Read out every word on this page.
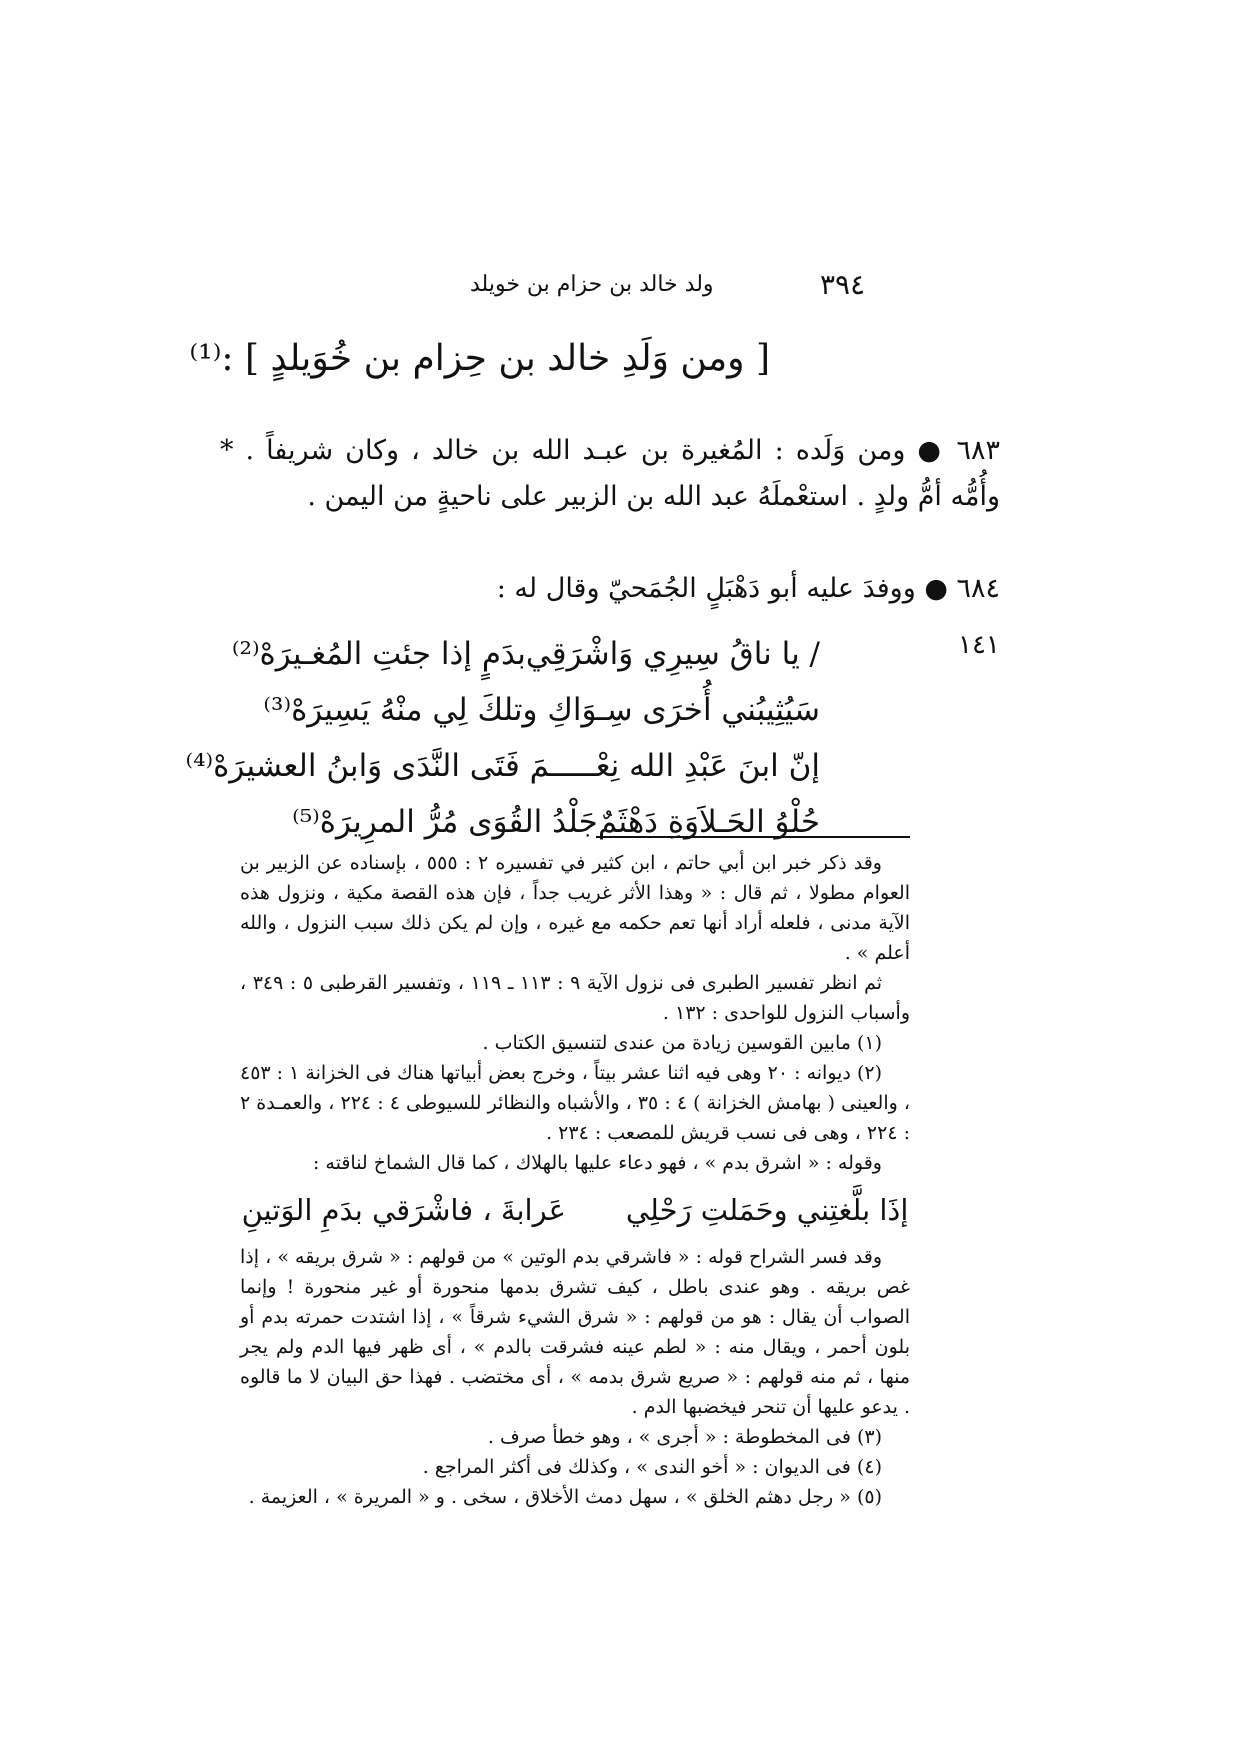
٣٩٤
ولد خالد بن حزام بن خويلد
[ ومن وَلَدِ خالد بن حِزام بن خُوَيلدٍ ] :⁽¹⁾
٦٨٣ ● ومن وَلَده : المُغيرة بن عبـد الله بن خالد ، وكان شريفاً . * وأُمُّه أمُّ ولدٍ . استعْملَهُ عبد الله بن الزبير على ناحيةٍ من اليمن .
٦٨٤ ● ووفدَ عليه أبو دَهْبَلٍ الجُمَحيّ وقال له :
١٤١
/ يا ناقُ سِيرِي وَاشْرَقِي
بدَمٍ إذا جئتِ المُغـيرَهْ⁽²⁾
سَيُثِيبُني أُخرَى سِـوَا
كِ وتلكَ لِي منْهُ يَسِيرَهْ⁽³⁾
إنّ ابنَ عَبْدِ الله نِعْـــ
ــمَ فَتَى النَّدَى وَابنُ العشيرَهْ⁽⁴⁾
حُلْوُ الحَـلاَوَةِ دَهْثَمٌ
جَلْدُ القُوَى مُرُّ المرِيرَهْ⁽⁵⁾

وقد ذكر خبر ابن أبي حاتم ، ابن كثير في تفسيره ٢ : ٥٥٥ ، بإسناده عن الزبير بن العوام مطولا ، ثم قال : « وهذا الأثر غريب جداً ، فإن هذه القصة مكية ، ونزول هذه الآية مدنى ، فلعله أراد أنها تعم حكمه مع غيره ، وإن لم يكن ذلك سبب النزول ، والله أعلم » .

ثم انظر تفسير الطبرى فى نزول الآية ٩ : ١١٣ ـ ١١٩ ، وتفسير القرطبى ٥ : ٣٤٩ ، وأسباب النزول للواحدى : ١٣٢ .

(١) مابين القوسين زيادة من عندى لتنسيق الكتاب .

(٢) ديوانه : ٢٠ وهى فيه اثنا عشر بيتاً ، وخرج بعض أبياتها هناك فى الخزانة ١ : ٤٥٣ ، والعينى ( بهامش الخزانة ) ٤ : ٣٥ ، والأشباه والنظائر للسيوطى ٤ : ٢٢٤ ، والعمـدة ٢ : ٢٢٤ ، وهى فى نسب قريش للمصعب : ٢٣٤ .

وقوله : « اشرق بدم » ، فهو دعاء عليها بالهلاك ، كما قال الشماخ لناقته :

إذَا بلَّغتِني وحَمَلتِ رَحْلِي
عَرابةَ ، فاشْرَقي بدَمِ الوَتينِ

وقد فسر الشراح قوله : « فاشرقي بدم الوتين » من قولهم : « شرق بريقه » ، إذا غص بريقه . وهو عندى باطل ، كيف تشرق بدمها منحورة أو غير منحورة ! وإنما الصواب أن يقال : هو من قولهم : « شرق الشيء شرقاً » ، إذا اشتدت حمرته بدم أو بلون أحمر ، ويقال منه : « لطم عينه فشرقت بالدم » ، أى ظهر فيها الدم ولم يجر منها ، ثم منه قولهم : « صريع شرق بدمه » ، أى مختضب . فهذا حق البيان لا ما قالوه . يدعو عليها أن تنحر فيخضبها الدم .

(٣) فى المخطوطة : « أجرى » ، وهو خطأ صرف .

(٤) فى الديوان : « أخو الندى » ، وكذلك فى أكثر المراجع .

(٥) « رجل دهثم الخلق » ، سهل دمث الأخلاق ، سخى . و « المريرة » ، العزيمة .
